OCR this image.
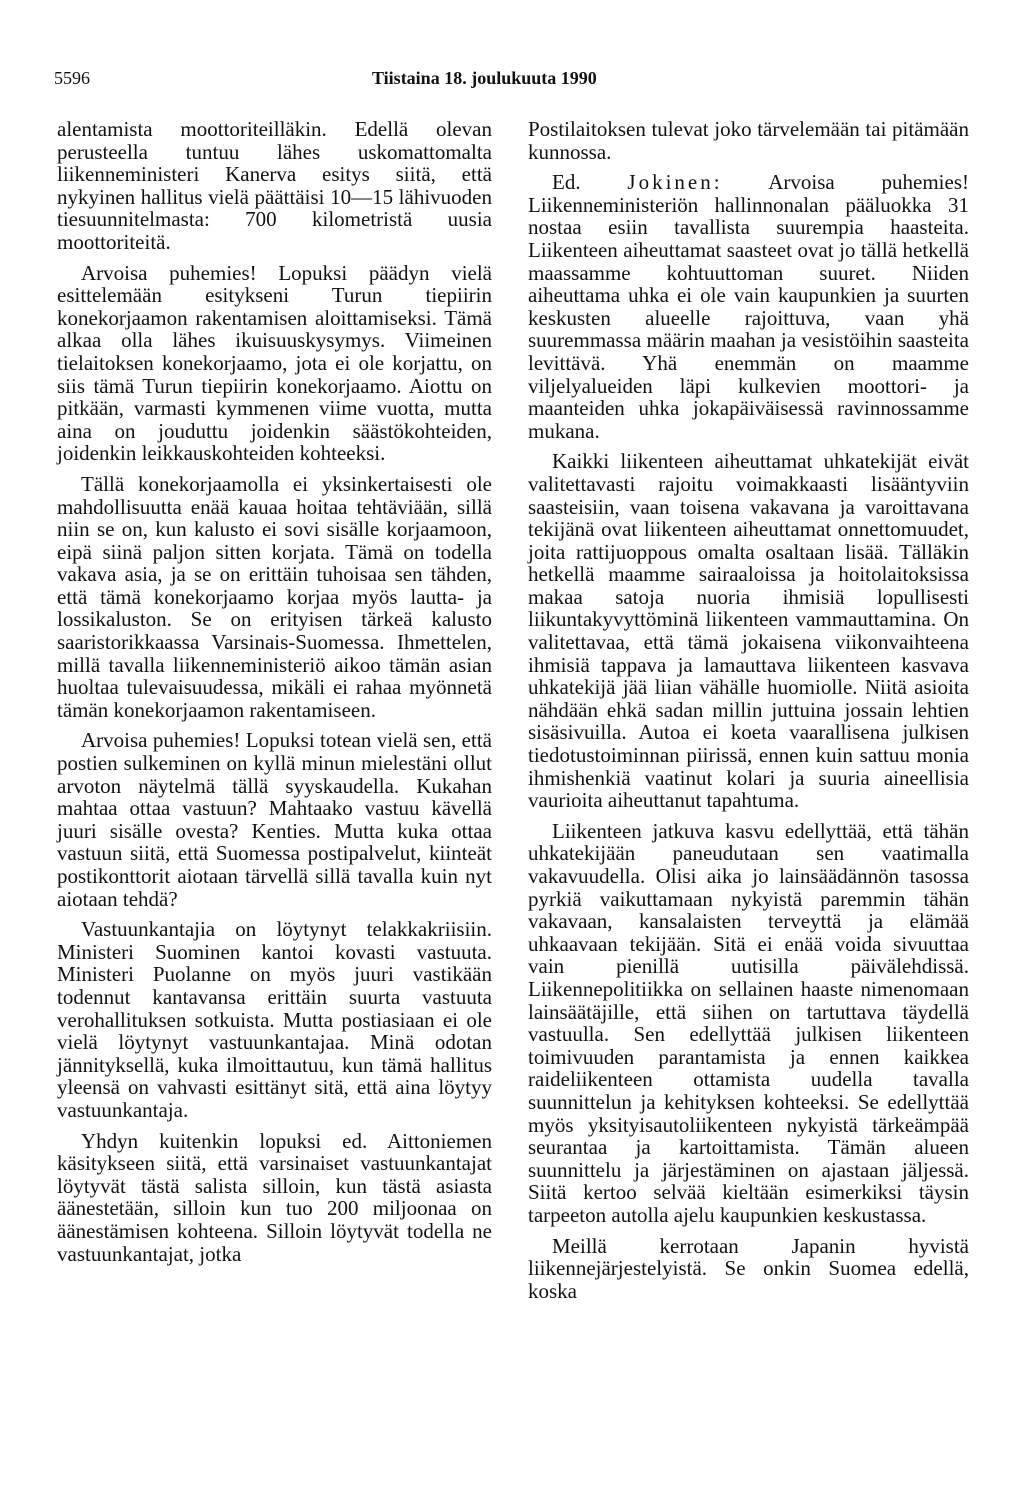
5596	Tiistaina 18. joulukuuta 1990

alentamista moottoriteilläkin. Edellä olevan perusteella tuntuu lähes uskomattomalta liikenneministeri Kanerva esitys siitä, että nykyinen hallitus vielä päättäisi 10—15 lähivuoden tiesuunnitelmasta: 700 kilometristä uusia moottoriteitä.

Arvoisa puhemies! Lopuksi päädyn vielä esittelemään esitykseni Turun tiepiirin konekorjaamon rakentamisen aloittamiseksi. Tämä alkaa olla lähes ikuisuuskysymys. Viimeinen tielaitoksen konekorjaamo, jota ei ole korjattu, on siis tämä Turun tiepiirin konekorjaamo. Aiottu on pitkään, varmasti kymmenen viime vuotta, mutta aina on jouduttu joidenkin säästökohteiden, joidenkin leikkauskohteiden kohteeksi.

Tällä konekorjaamolla ei yksinkertaisesti ole mahdollisuutta enää kauaa hoitaa tehtäviään, sillä niin se on, kun kalusto ei sovi sisälle korjaamoon, eipä siinä paljon sitten korjata. Tämä on todella vakava asia, ja se on erittäin tuhoisaa sen tähden, että tämä konekorjaamo korjaa myös lautta- ja lossikaluston. Se on erityisen tärkeä kalusto saaristorikkaassa Varsinais-Suomessa. Ihmettelen, millä tavalla liikenneministeriö aikoo tämän asian huoltaa tulevaisuudessa, mikäli ei rahaa myönnetä tämän konekorjaamon rakentamiseen.

Arvoisa puhemies! Lopuksi totean vielä sen, että postien sulkeminen on kyllä minun mielestäni ollut arvoton näytelmä tällä syyskaudella. Kukahan mahtaa ottaa vastuun? Mahtaako vastuu kävellä juuri sisälle ovesta? Kenties. Mutta kuka ottaa vastuun siitä, että Suomessa postipalvelut, kiinteät postikonttorit aiotaan tärvellä sillä tavalla kuin nyt aiotaan tehdä?

Vastuunkantajia on löytynyt telakkakriisiin. Ministeri Suominen kantoi kovasti vastuuta. Ministeri Puolanne on myös juuri vastikään todennut kantavansa erittäin suurta vastuuta verohallituksen sotkuista. Mutta postiasiaan ei ole vielä löytynyt vastuunkantajaa. Minä odotan jännityksellä, kuka ilmoittautuu, kun tämä hallitus yleensä on vahvasti esittänyt sitä, että aina löytyy vastuunkantaja.

Yhdyn kuitenkin lopuksi ed. Aittoniemen käsitykseen siitä, että varsinaiset vastuunkantajat löytyvät tästä salista silloin, kun tästä asiasta äänestetään, silloin kun tuo 200 miljoonaa on äänestämisen kohteena. Silloin löytyvät todella ne vastuunkantajat, jotka

Postilaitoksen tulevat joko tärvelemään tai pitämään kunnossa.

Ed. Jokinen: Arvoisa puhemies! Liikenneministeriön hallinnonalan pääluokka 31 nostaa esiin tavallista suurempia haasteita. Liikenteen aiheuttamat saasteet ovat jo tällä hetkellä maassamme kohtuuttoman suuret. Niiden aiheuttama uhka ei ole vain kaupunkien ja suurten keskusten alueelle rajoittuva, vaan yhä suuremmassa määrin maahan ja vesistöihin saasteita levittävä. Yhä enemmän on maamme viljelyalueiden läpi kulkevien moottori- ja maanteiden uhka jokapäiväisessä ravinnossamme mukana.

Kaikki liikenteen aiheuttamat uhkatekijät eivät valitettavasti rajoitu voimakkaasti lisääntyviin saasteisiin, vaan toisena vakavana ja varoittavana tekijänä ovat liikenteen aiheuttamat onnettomuudet, joita rattijuoppous omalta osaltaan lisää. Tälläkin hetkellä maamme sairaaloissa ja hoitolaitoksissa makaa satoja nuoria ihmisiä lopullisesti liikuntakyvyttöminä liikenteen vammauttamina. On valitettavaa, että tämä jokaisena viikonvaihteena ihmisiä tappava ja lamauttava liikenteen kasvava uhkatekijä jää liian vähälle huomiolle. Niitä asioita nähdään ehkä sadan millin juttuina jossain lehtien sisäsivuilla. Autoa ei koeta vaarallisena julkisen tiedotustoiminnan piirissä, ennen kuin sattuu monia ihmishenkiä vaatinut kolari ja suuria aineellisia vaurioita aiheuttanut tapahtuma.

Liikenteen jatkuva kasvu edellyttää, että tähän uhkatekijään paneudutaan sen vaatimalla vakavuudella. Olisi aika jo lainsäädännön tasossa pyrkiä vaikuttamaan nykyistä paremmin tähän vakavaan, kansalaisten terveyttä ja elämää uhkaavaan tekijään. Sitä ei enää voida sivuuttaa vain pienillä uutisilla päivälehdissä. Liikennepolitiikka on sellainen haaste nimenomaan lainsäätäjille, että siihen on tartuttava täydellä vastuulla. Sen edellyttää julkisen liikenteen toimivuuden parantamista ja ennen kaikkea raideliikenteen ottamista uudella tavalla suunnittelun ja kehityksen kohteeksi. Se edellyttää myös yksityisautoliikenteen nykyistä tärkeämpää seurantaa ja kartoittamista. Tämän alueen suunnittelu ja järjestäminen on ajastaan jäljessä. Siitä kertoo selvää kieltään esimerkiksi täysin tarpeeton autolla ajelu kaupunkien keskustassa.

Meillä kerrotaan Japanin hyvistä liikennejärjestelyistä. Se onkin Suomea edellä, koska
